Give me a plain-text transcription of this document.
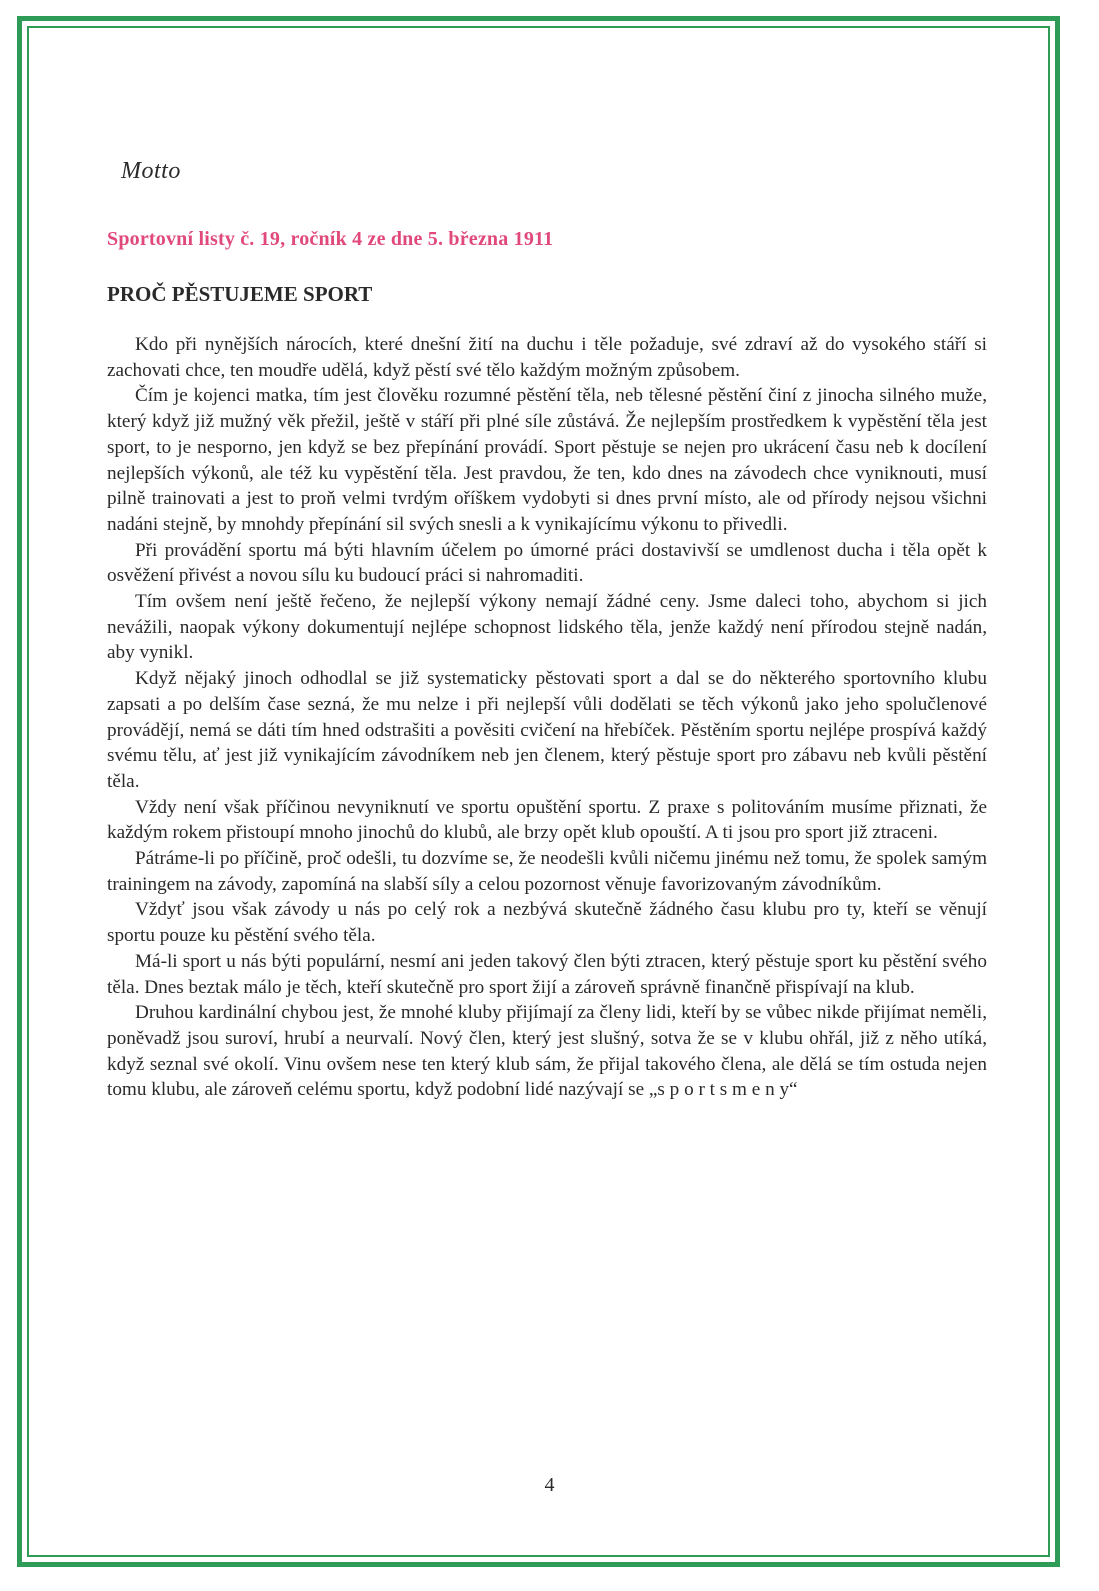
Motto
Sportovní listy č. 19, ročník 4 ze dne 5. března 1911
PROČ PĚSTUJEME SPORT

Kdo při nynějších nárocích, které dnešní žití na duchu i těle požaduje, své zdraví až do vysokého stáří si zachovati chce, ten moudře udělá, když pěstí své tělo každým možným způsobem.

Čím je kojenci matka, tím jest člověku rozumné pěstění těla, neb tělesné pěstění činí z jinocha silného muže, který když již mužný věk přežil, ještě v stáří při plné síle zůstává. Že nejlepším prostředkem k vypěstění těla jest sport, to je nesporno, jen když se bez přepínání provádí. Sport pěstuje se nejen pro ukrácení času neb k docílení nejlepších výkonů, ale též ku vypěstění těla. Jest pravdou, že ten, kdo dnes na závodech chce vyniknouti, musí pilně trainovati a jest to proň velmi tvrdým oříškem vydobyti si dnes první místo, ale od přírody nejsou všichni nadáni stejně, by mnohdy přepínání sil svých snesli a k vynikajícímu výkonu to přivedli.

Při provádění sportu má býti hlavním účelem po úmorné práci dostavivší se umdlenost ducha i těla opět k osvěžení přivést a novou sílu ku budoucí práci si nahromaditi.

Tím ovšem není ještě řečeno, že nejlepší výkony nemají žádné ceny. Jsme daleci toho, abychom si jich nevážili, naopak výkony dokumentují nejlépe schopnost lidského těla, jenže každý není přírodou stejně nadán, aby vynikl.

Když nějaký jinoch odhodlal se již systematicky pěstovati sport a dal se do některého sportovního klubu zapsati a po delším čase sezná, že mu nelze i při nejlepší vůli dodělati se těch výkonů jako jeho spolučlenové provádějí, nemá se dáti tím hned odstrašiti a pověsiti cvičení na hřebíček. Pěstěním sportu nejlépe prospívá každý svému tělu, ať jest již vynikajícím závodníkem neb jen členem, který pěstuje sport pro zábavu neb kvůli pěstění těla.

Vždy není však příčinou nevyniknutí ve sportu opuštění sportu. Z praxe s politováním musíme přiznati, že každým rokem přistoupí mnoho jinochů do klubů, ale brzy opět klub opouští. A ti jsou pro sport již ztraceni.

Pátráme-li po příčině, proč odešli, tu dozvíme se, že neodešli kvůli ničemu jinému než tomu, že spolek samým trainingem na závody, zapomíná na slabší síly a celou pozornost věnuje favorizovaným závodníkům.

Vždyť jsou však závody u nás po celý rok a nezbývá skutečně žádného času klubu pro ty, kteří se věnují sportu pouze ku pěstění svého těla.

Má-li sport u nás býti populární, nesmí ani jeden takový člen býti ztracen, který pěstuje sport ku pěstění svého těla. Dnes beztak málo je těch, kteří skutečně pro sport žijí a zároveň správně finančně přispívají na klub.

Druhou kardinální chybou jest, že mnohé kluby přijímají za členy lidi, kteří by se vůbec nikde přijímat neměli, poněvadž jsou suroví, hrubí a neurvalí. Nový člen, který jest slušný, sotva že se v klubu ohřál, již z něho utíká, když seznal své okolí. Vinu ovšem nese ten který klub sám, že přijal takového člena, ale dělá se tím ostuda nejen tomu klubu, ale zároveň celému sportu, když podobní lidé nazývají se „s p o r t s m e n y“

4
